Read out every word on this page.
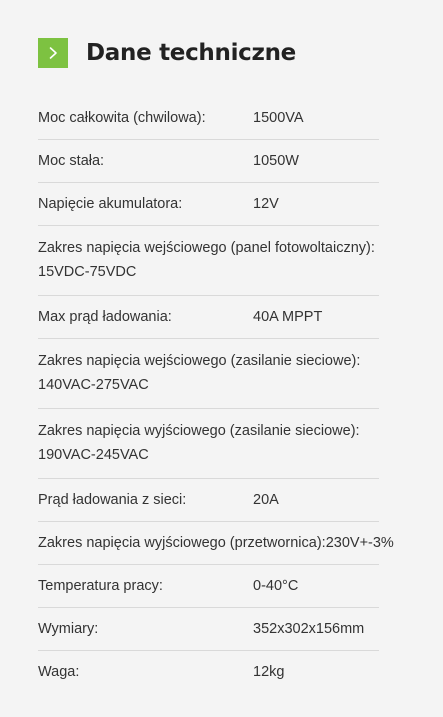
Dane techniczne
Moc całkowita (chwilowa):	1500VA
Moc stała:	1050W
Napięcie akumulatora:	12V
Zakres napięcia wejściowego (panel fotowoltaiczny):
15VDC-75VDC
Max prąd ładowania:	40A MPPT
Zakres napięcia wejściowego (zasilanie sieciowe):
140VAC-275VAC
Zakres napięcia wyjściowego (zasilanie sieciowe):
190VAC-245VAC
Prąd ładowania z sieci:	20A
Zakres napięcia wyjściowego (przetwornica): 230V+-3%
Temperatura pracy:	0-40°C
Wymiary:	352x302x156mm
Waga:	12kg
